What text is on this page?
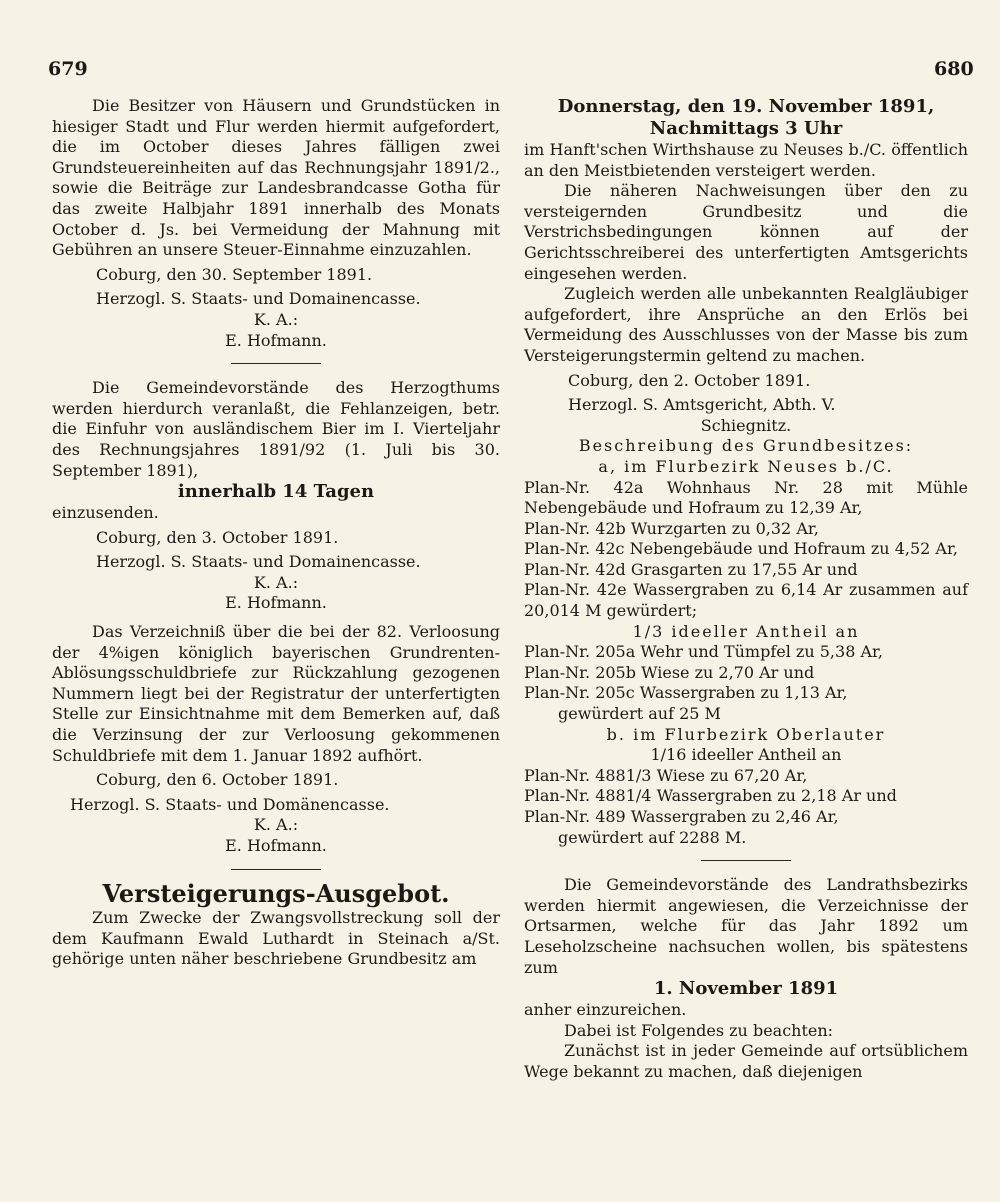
679	680

Die Besitzer von Häusern und Grundstücken in hiesiger Stadt und Flur werden hiermit aufgefordert, die im October dieses Jahres fälligen zwei Grundsteuereinheiten auf das Rechnungsjahr 1891/2., sowie die Beiträge zur Landesbrandcasse Gotha für das zweite Halbjahr 1891 innerhalb des Monats October d. Js. bei Vermeidung der Mahnung mit Gebühren an unsere Steuer-Einnahme einzuzahlen.

Coburg, den 30. September 1891.

Herzogl. S. Staats- und Domainencasse.

K. A.:

E. Hofmann.

Die Gemeindevorstände des Herzogthums werden hierdurch veranlaßt, die Fehlanzeigen, betr. die Einfuhr von ausländischem Bier im I. Vierteljahr des Rechnungsjahres 1891/92 (1. Juli bis 30. September 1891),

innerhalb 14 Tagen

einzusenden.

Coburg, den 3. October 1891.

Herzogl. S. Staats- und Domainencasse.

K. A.:

E. Hofmann.

Das Verzeichniß über die bei der 82. Verloosung der 4%igen königlich bayerischen Grundrenten-Ablösungsschuldbriefe zur Rückzahlung gezogenen Nummern liegt bei der Registratur der unterfertigten Stelle zur Einsichtnahme mit dem Bemerken auf, daß die Verzinsung der zur Verloosung gekommenen Schuldbriefe mit dem 1. Januar 1892 aufhört.

Coburg, den 6. October 1891.

Herzogl. S. Staats- und Domänencasse.

K. A.:

E. Hofmann.

Versteigerungs-Ausgebot.

Zum Zwecke der Zwangsvollstreckung soll der dem Kaufmann Ewald Luthardt in Steinach a/St. gehörige unten näher beschriebene Grundbesitz am

Donnerstag, den 19. November 1891,

Nachmittags 3 Uhr

im Hanft'schen Wirthshause zu Neuses b./C. öffentlich an den Meistbietenden versteigert werden.

Die näheren Nachweisungen über den zu versteigernden Grundbesitz und die Verstrichsbedingungen können auf der Gerichtsschreiberei des unterfertigten Amtsgerichts eingesehen werden.

Zugleich werden alle unbekannten Realgläubiger aufgefordert, ihre Ansprüche an den Erlös bei Vermeidung des Ausschlusses von der Masse bis zum Versteigerungstermin geltend zu machen.

Coburg, den 2. October 1891.

Herzogl. S. Amtsgericht, Abth. V.

Schiegnitz.

Beschreibung des Grundbesitzes:

a, im Flurbezirk Neuses b./C.

Plan-Nr. 42a Wohnhaus Nr. 28 mit Mühle Nebengebäude und Hofraum zu 12,39 Ar,

Plan-Nr. 42b Wurzgarten zu 0,32 Ar,

Plan-Nr. 42c Nebengebäude und Hofraum zu 4,52 Ar,

Plan-Nr. 42d Grasgarten zu 17,55 Ar und

Plan-Nr. 42e Wassergraben zu 6,14 Ar zusammen auf 20,014 M gewürdert;

1/3 ideeller Antheil an

Plan-Nr. 205a Wehr und Tümpfel zu 5,38 Ar,

Plan-Nr. 205b Wiese zu 2,70 Ar und

Plan-Nr. 205c Wassergraben zu 1,13 Ar,

gewürdert auf 25 M

b. im Flurbezirk Oberlauter

1/16 ideeller Antheil an

Plan-Nr. 4881/3 Wiese zu 67,20 Ar,

Plan-Nr. 4881/4 Wassergraben zu 2,18 Ar und

Plan-Nr. 489 Wassergraben zu 2,46 Ar,

gewürdert auf 2288 M.

Die Gemeindevorstände des Landrathsbezirks werden hiermit angewiesen, die Verzeichnisse der Ortsarmen, welche für das Jahr 1892 um Leseholzscheine nachsuchen wollen, bis spätestens zum

1. November 1891

anher einzureichen.

Dabei ist Folgendes zu beachten:

Zunächst ist in jeder Gemeinde auf ortsüblichem Wege bekannt zu machen, daß diejenigen
